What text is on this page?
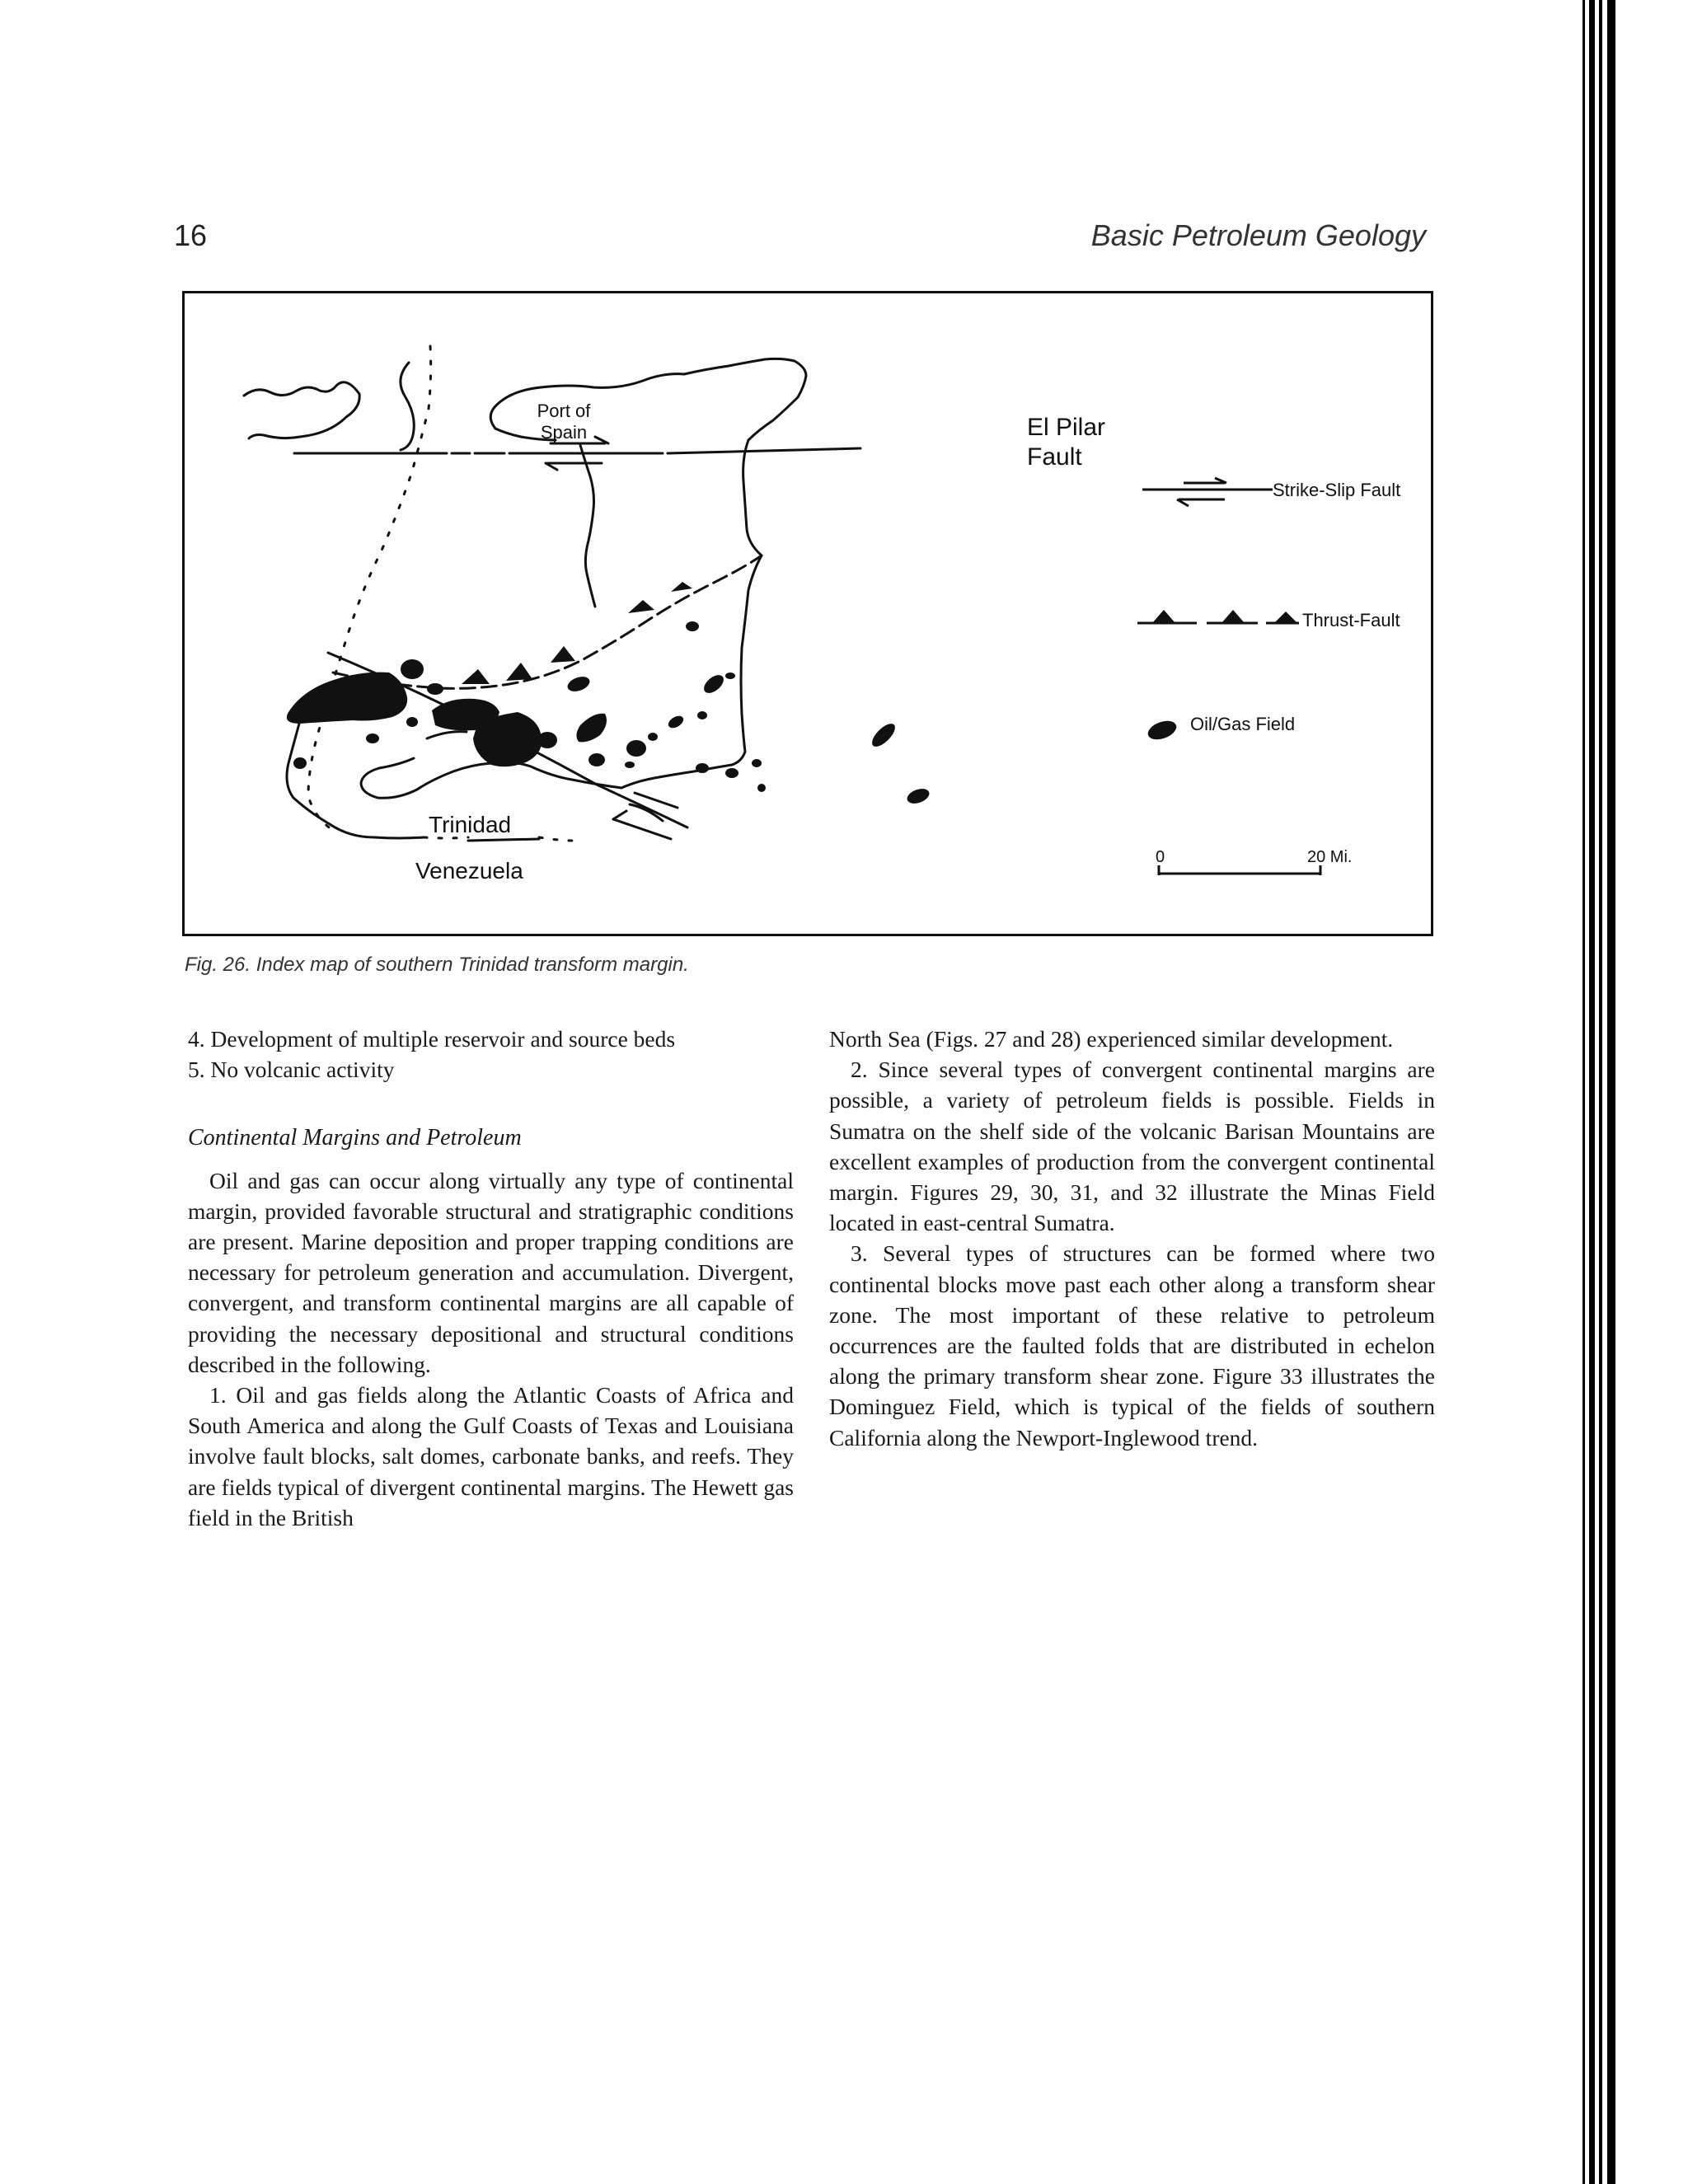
16	Basic Petroleum Geology
Port of
Spain	El Pilar
Fault
Trinidad
Venezuela
Strike-Slip Fault
Thrust-Fault
Oil/Gas Field
0	20 Mi.
Fig. 26. Index map of southern Trinidad transform margin.

4. Development of multiple reservoir and source beds

5. No volcanic activity

Continental Margins and Petroleum

Oil and gas can occur along virtually any type of continental margin, provided favorable structural and stratigraphic conditions are present. Marine deposition and proper trapping conditions are necessary for petroleum generation and accumulation. Divergent, convergent, and transform continental margins are all capable of providing the necessary depositional and structural conditions described in the following.

1. Oil and gas fields along the Atlantic Coasts of Africa and South America and along the Gulf Coasts of Texas and Louisiana involve fault blocks, salt domes, carbonate banks, and reefs. They are fields typical of divergent continental margins. The Hewett gas field in the British

North Sea (Figs. 27 and 28) experienced similar development.

2. Since several types of convergent continental margins are possible, a variety of petroleum fields is possible. Fields in Sumatra on the shelf side of the volcanic Barisan Mountains are excellent examples of production from the convergent continental margin. Figures 29, 30, 31, and 32 illustrate the Minas Field located in east-central Sumatra.

3. Several types of structures can be formed where two continental blocks move past each other along a transform shear zone. The most important of these relative to petroleum occurrences are the faulted folds that are distributed in echelon along the primary transform shear zone. Figure 33 illustrates the Dominguez Field, which is typical of the fields of southern California along the Newport-Inglewood trend.
